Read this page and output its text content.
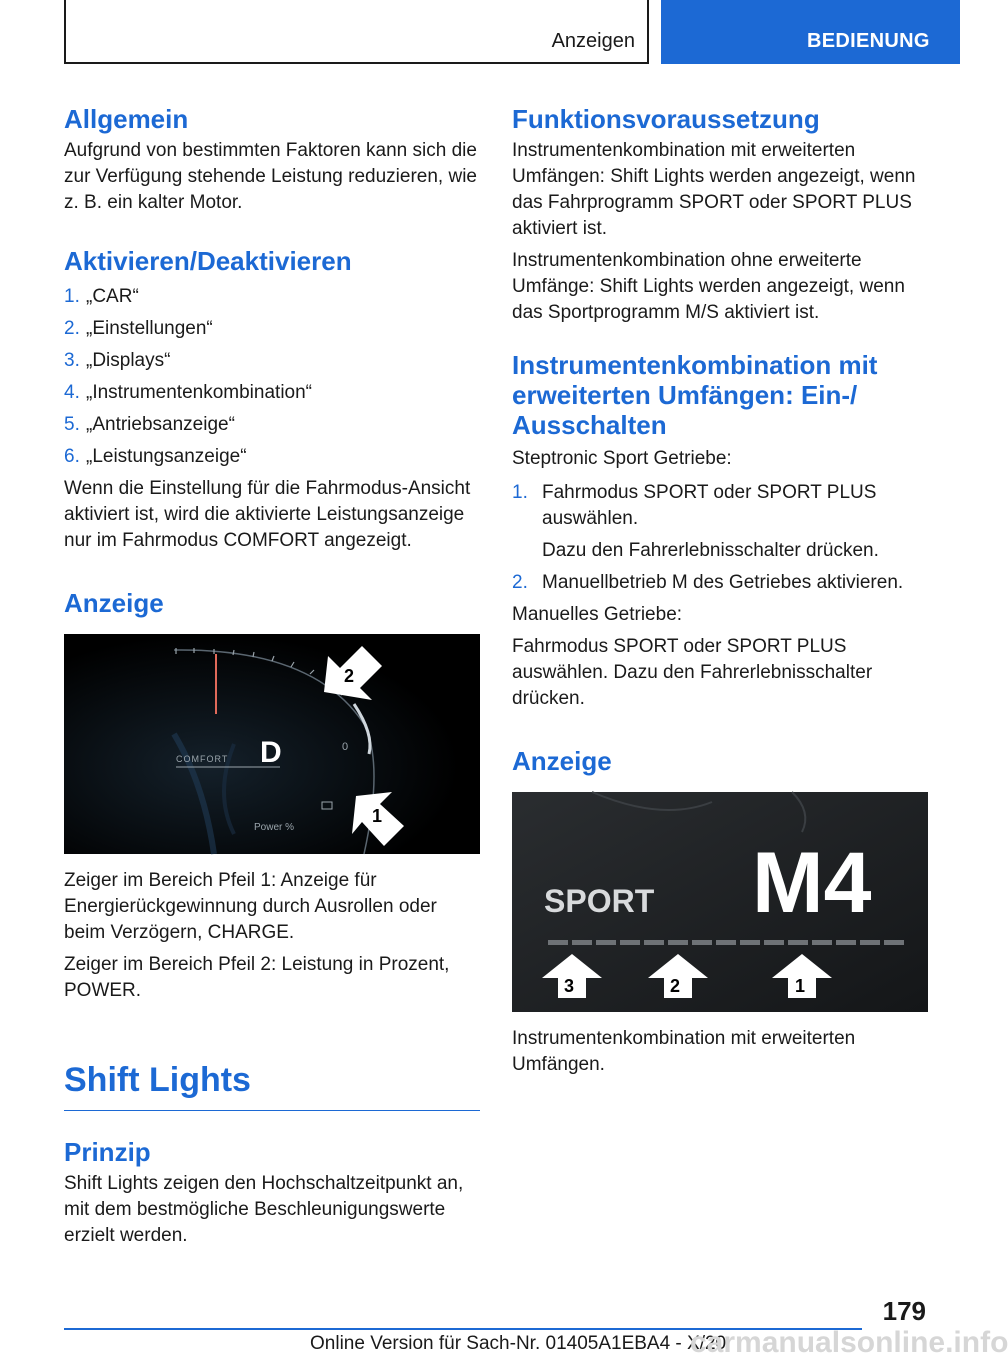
Anzeigen	BEDIENUNG
Allgemein

Aufgrund von bestimmten Faktoren kann sich die zur Verfügung stehende Leistung reduzieren, wie z. B. ein kalter Motor.

Aktivieren/Deaktivieren
1. „CAR“
2. „Einstellungen“
3. „Displays“
4. „Instrumentenkombination“
5. „Antriebsanzeige“
6. „Leistungsanzeige“

Wenn die Einstellung für die Fahrmodus-Ansicht aktiviert ist, wird die aktivierte Leistungsanzeige nur im Fahrmodus COMFORT angezeigt.

Anzeige
COMFORT D	0
Power %
2
1

Zeiger im Bereich Pfeil 1: Anzeige für Energierückgewinnung durch Ausrollen oder beim Verzögern, CHARGE.

Zeiger im Bereich Pfeil 2: Leistung in Prozent, POWER.

Shift Lights
Prinzip

Shift Lights zeigen den Hochschaltzeitpunkt an, mit dem bestmögliche Beschleunigungswerte erzielt werden.

Funktionsvoraussetzung

Instrumentenkombination mit erweiterten Umfängen: Shift Lights werden angezeigt, wenn das Fahrprogramm SPORT oder SPORT PLUS aktiviert ist.

Instrumentenkombination ohne erweiterte Umfänge: Shift Lights werden angezeigt, wenn das Sportprogramm M/S aktiviert ist.

Instrumentenkombination mit erweiterten Umfängen: Ein-/ Ausschalten

Steptronic Sport Getriebe:

1. Fahrmodus SPORT oder SPORT PLUS auswählen.
Dazu den Fahrerlebnisschalter drücken.
2. Manuellbetrieb M des Getriebes aktivieren.

Manuelles Getriebe:

Fahrmodus SPORT oder SPORT PLUS auswählen. Dazu den Fahrerlebnisschalter drücken.

Anzeige
SPORT M4
3	2	1

Instrumentenkombination mit erweiterten Umfängen.

179
Online Version für Sach-Nr. 01405A1EBA4 - X/20
carmanualsonline.info
